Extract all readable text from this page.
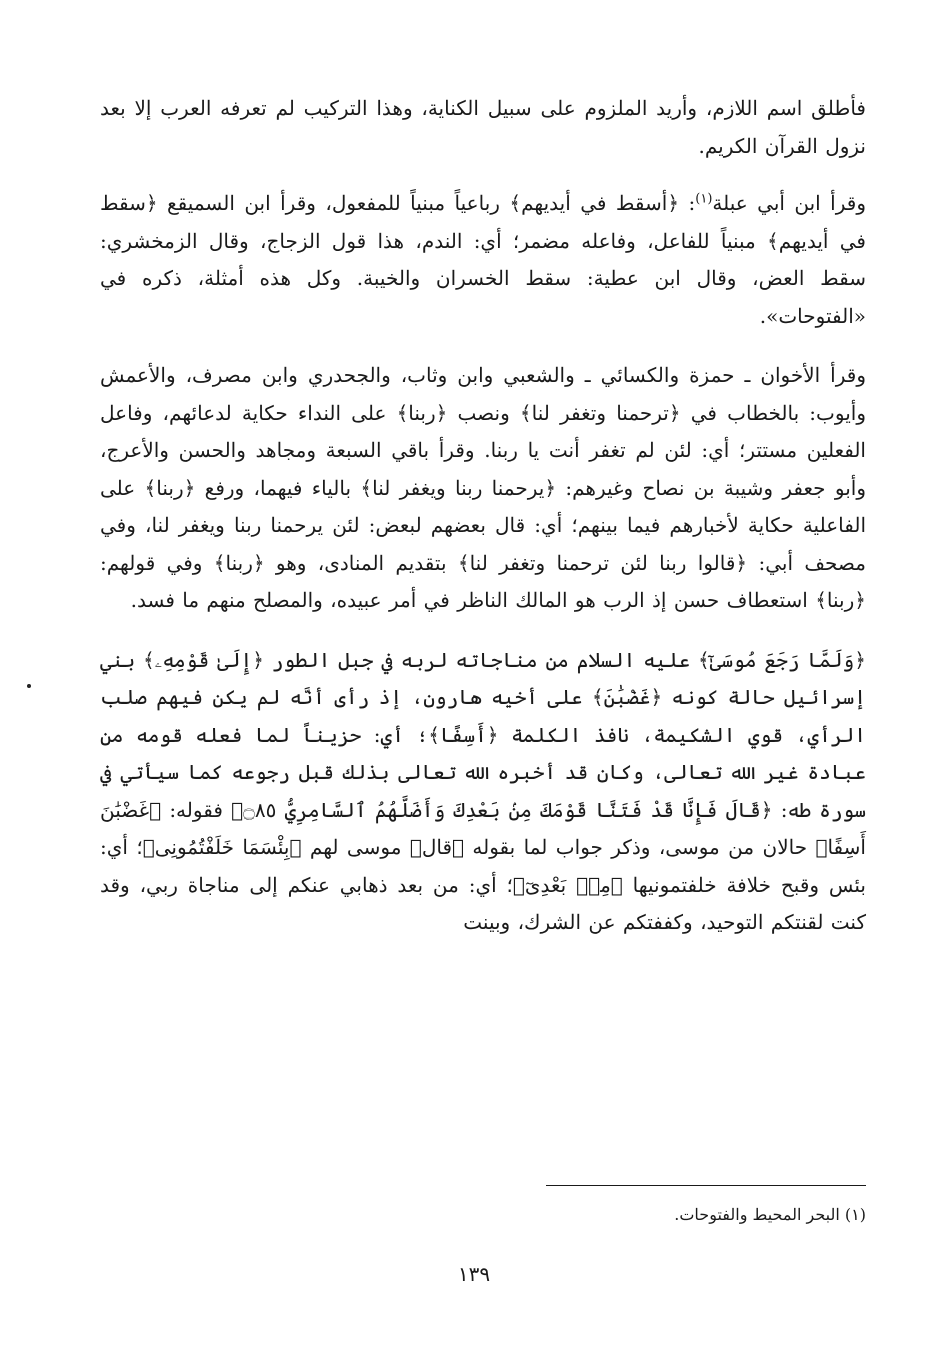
فأطلق اسم اللازم، وأريد الملزوم على سبيل الكناية، وهذا التركيب لم تعرفه العرب إلا بعد نزول القرآن الكريم.

وقرأ ابن أبي عبلة$^{(١)}$: ﴿أسقط في أيديهم﴾ رباعياً مبنياً للمفعول، وقرأ ابن السميقع ﴿سقط في أيديهم﴾ مبنياً للفاعل، وفاعله مضمر؛ أي: الندم، هذا قول الزجاج، وقال الزمخشري: سقط العض، وقال ابن عطية: سقط الخسران والخيبة. وكل هذه أمثلة، ذكره في «الفتوحات».

وقرأ الأخوان ـ حمزة والكسائي ـ والشعبي وابن وثاب، والجحدري وابن مصرف، والأعمش وأيوب: بالخطاب في ﴿ترحمنا وتغفر لنا﴾ ونصب ﴿ربنا﴾ على النداء حكاية لدعائهم، وفاعل الفعلين مستتر؛ أي: لئن لم تغفر أنت يا ربنا. وقرأ باقي السبعة ومجاهد والحسن والأعرج، وأبو جعفر وشيبة بن نصاح وغيرهم: ﴿يرحمنا ربنا ويغفر لنا﴾ بالياء فيهما، ورفع ﴿ربنا﴾ على الفاعلية حكاية لأخبارهم فيما بينهم؛ أي: قال بعضهم لبعض: لئن يرحمنا ربنا ويغفر لنا، وفي مصحف أبي: ﴿قالوا ربنا لئن ترحمنا وتغفر لنا﴾ بتقديم المنادى، وهو ﴿ربنا﴾ وفي قولهم: ﴿ربنا﴾ استعطاف حسن إذ الرب هو المالك الناظر في أمر عبيده، والمصلح منهم ما فسد.

﴿وَلَمَّا رَجَعَ مُوسَىٰٓ﴾ عليه السلام من مناجاته لربه في جبل الطور ﴿إِلَىٰ قَوْمِهِۦ﴾ بني إسرائيل حالة كونه ﴿غَضْبَٰنَ﴾ على أخيه هارون، إذ رأى أنَّه لم يكن فيهم صلب الرأي، قوي الشكيمة، نافذ الكلمة ﴿أَسِفًا﴾؛ أي: حزيناً لما فعله قومه من عبادة غير الله تعالى، وكان قد أخبره الله تعالى بذلك قبل رجوعه كما سيأتي في سورة طه: ﴿قَالَ فَإِنَّا قَدْ فَتَنَّا قَوْمَكَ مِنۢ بَعْدِكَ وَأَضَلَّهُمُ ٱلسَّامِرِيُّ ۝٨٥﴾ فقوله: ﴿غَضْبَٰنَ أَسِفًا﴾ حالان من موسى، وذكر جواب لما بقوله ﴿قال﴾ موسى لهم ﴿بِئْسَمَا خَلَفْتُمُونِى﴾؛ أي: بئس وقبح خلافة خلفتمونيها ﴿مِنۢ بَعْدِىٓ﴾؛ أي: من بعد ذهابي عنكم إلى مناجاة ربي، وقد كنت لقنتكم التوحيد، وكففتكم عن الشرك، وبينت

(١) البحر المحيط والفتوحات.

١٣٩
